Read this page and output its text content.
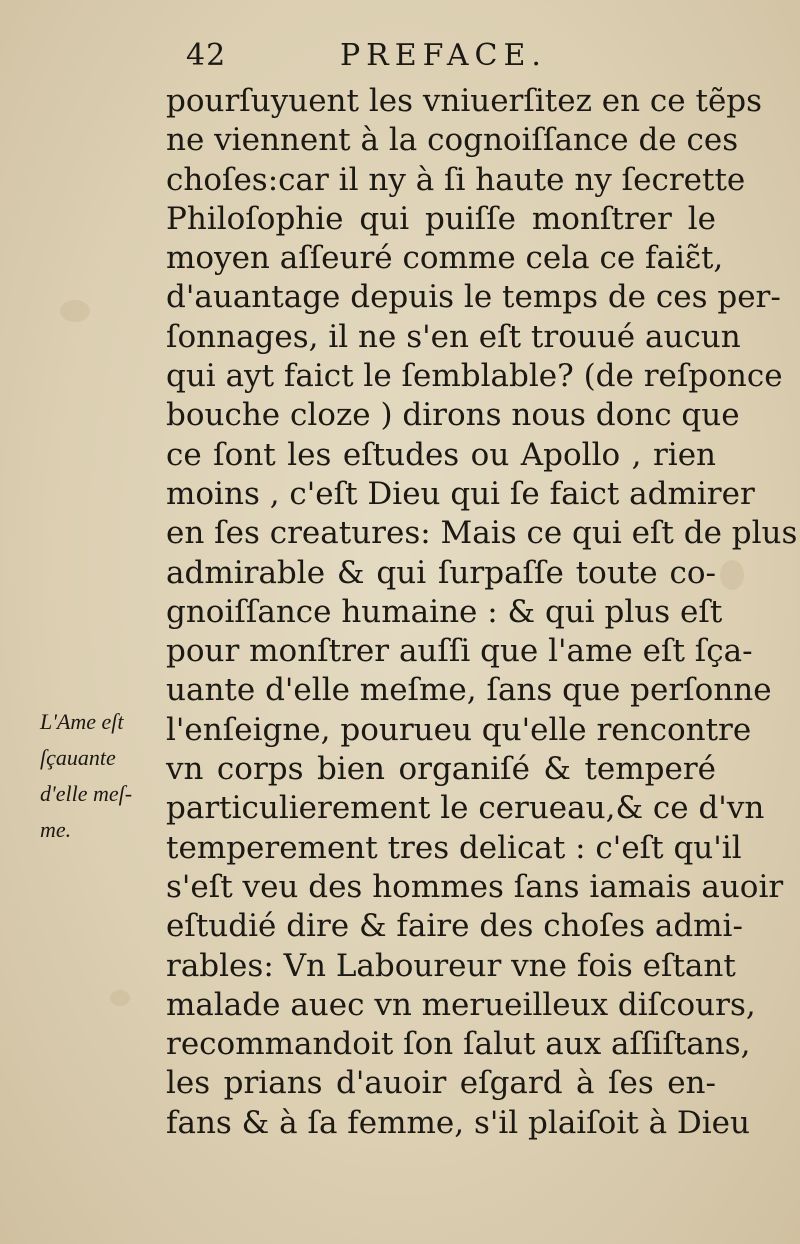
42	PREFACE.
pourſuyuent les vniuerſitez en ce tẽps
ne viennent à la cognoiſſance de ces
choſes:car il ny à ſi haute ny ſecrette
Philoſophie qui puiſſe monſtrer le
moyen aſſeuré comme cela ce faiɛ̃t,
d'auantage depuis le temps de ces per-
ſonnages, il ne s'en eſt trouué aucun
qui ayt faict le ſemblable? (de reſponce
bouche cloze ) dirons nous donc que
ce ſont les eſtudes ou Apollo , rien
moins , c'eſt Dieu qui ſe faict admirer
en ſes creatures: Mais ce qui eſt de plus
admirable & qui ſurpaſſe toute co-
gnoiſſance humaine : & qui plus eſt
pour monſtrer auſſi que l'ame eſt ſça-
uante d'elle meſme, ſans que perſonne
l'enſeigne, pourueu qu'elle rencontre
vn corps bien organiſé & temperé
particulierement le cerueau,& ce d'vn
temperement tres delicat : c'eſt qu'il
s'eſt veu des hommes ſans iamais auoir
eſtudié dire & faire des choſes admi-
rables: Vn Laboureur vne fois eſtant
malade auec vn merueilleux diſcours,
recommandoit ſon ſalut aux aſſiſtans,
les prians d'auoir eſgard à ſes en-
fans & à ſa femme, s'il plaiſoit à Dieu
L'Ame eſt
ſçauante
d'elle meſ-
me.
